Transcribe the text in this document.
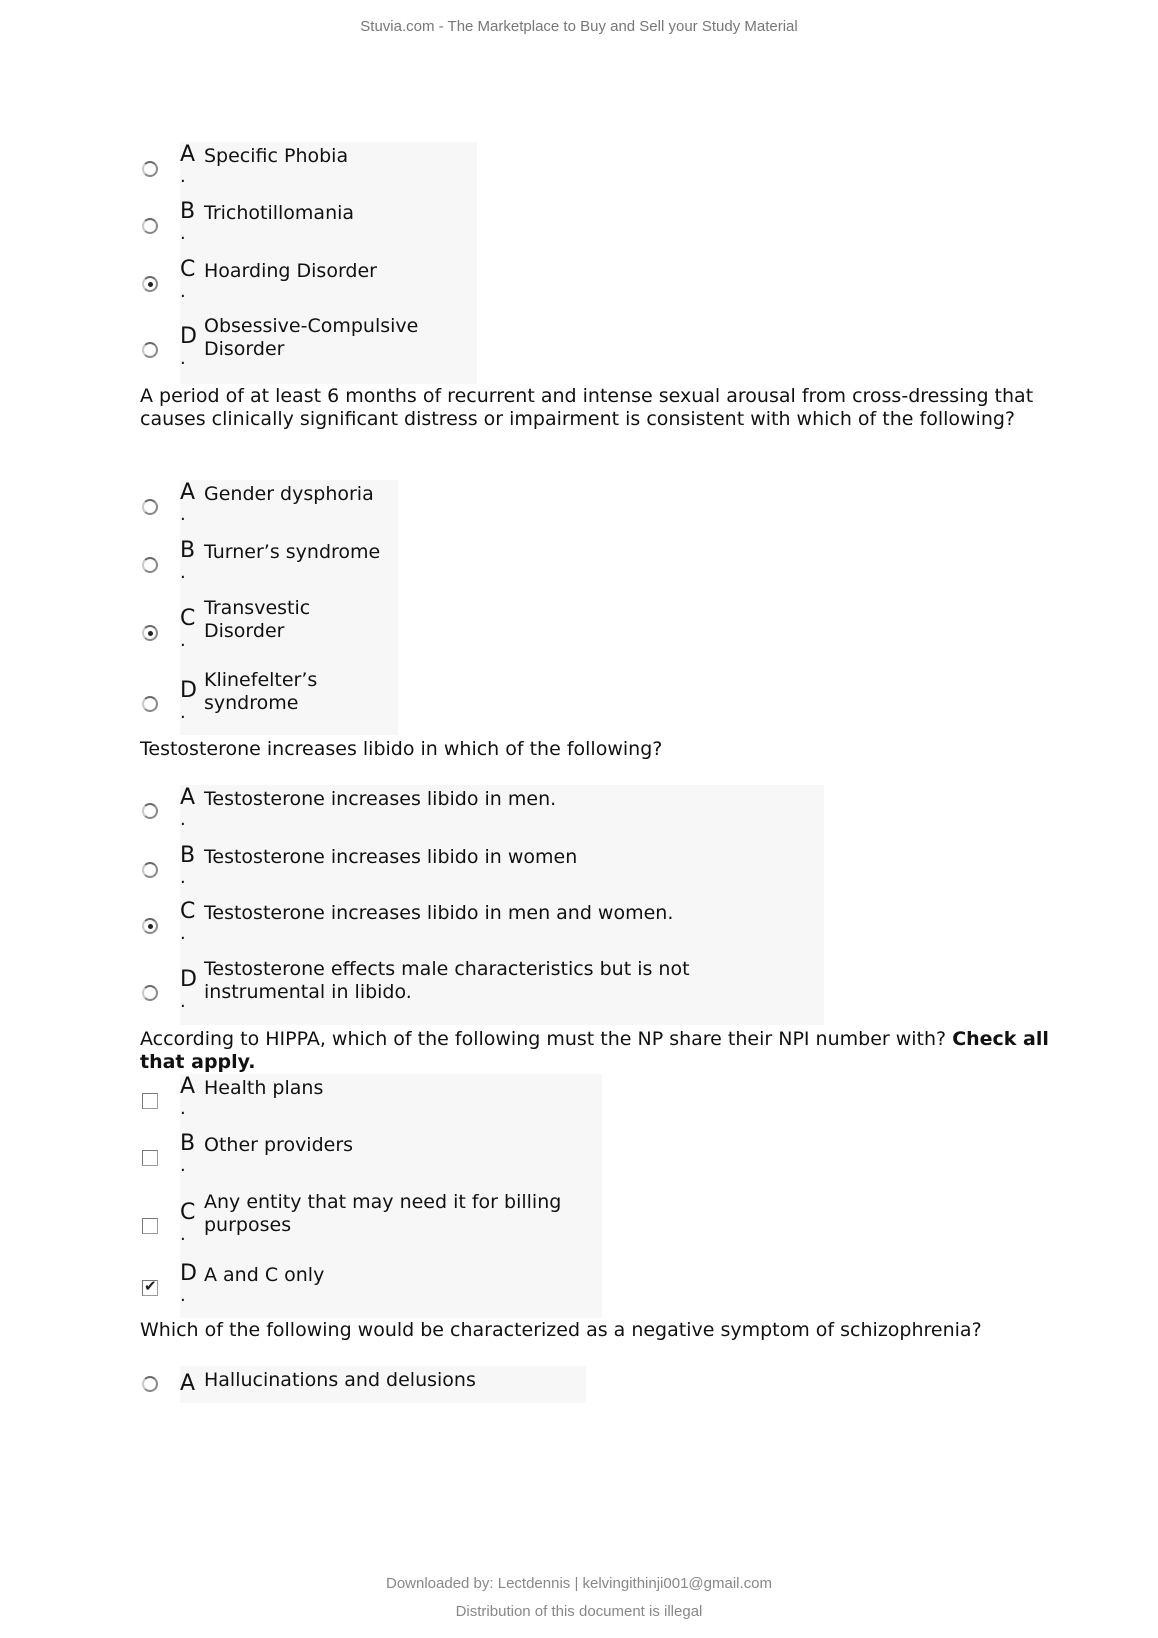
Stuvia.com - The Marketplace to Buy and Sell your Study Material
A
.
Specific Phobia
B
.
Trichotillomania
C
.
Hoarding Disorder
D
.
Obsessive-Compulsive Disorder
A period of at least 6 months of recurrent and intense sexual arousal from cross-dressing that causes clinically significant distress or impairment is consistent with which of the following?
A
.
Gender dysphoria
B
.
Turner’s syndrome
C
.
Transvestic Disorder
D
.
Klinefelter’s syndrome
Testosterone increases libido in which of the following?
A
.
Testosterone increases libido in men.
B
.
Testosterone increases libido in women
C
.
Testosterone increases libido in men and women.
D
.
Testosterone effects male characteristics but is not instrumental in libido.
According to HIPPA, which of the following must the NP share their NPI number with? Check all that apply.
A
.
Health plans
B
.
Other providers
C
.
Any entity that may need it for billing purposes
✔
D
.
A and C only
Which of the following would be characterized as a negative symptom of schizophrenia?
A Hallucinations and delusions
Downloaded by: Lectdennis | kelvingithinji001@gmail.com
Distribution of this document is illegal
